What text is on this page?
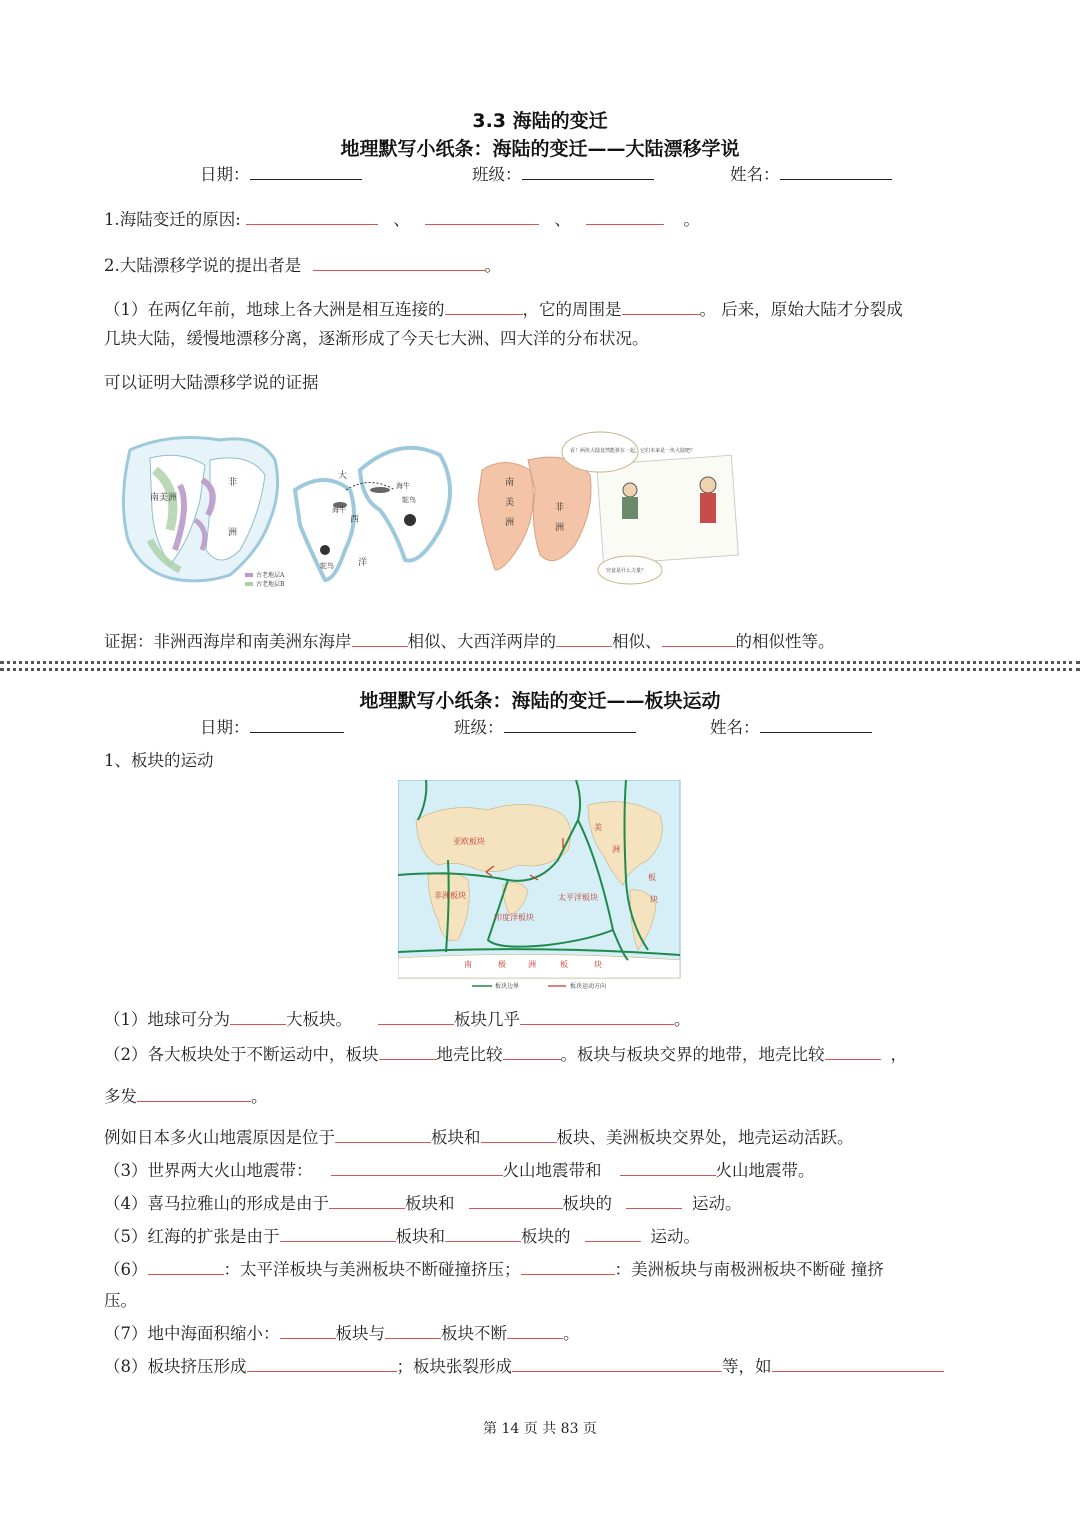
3.3 海陆的变迁
地理默写小纸条：海陆的变迁——大陆漂移学说
日期：	班级：	姓名：
1.海陆变迁的原因:	、	、	。
2.大陆漂移学说的提出者是	。
（1）在两亿年前，地球上各大洲是相互连接的	，它的周围是	。 后来，原始大陆才分裂成
几块大陆，缓慢地漂移分离，逐渐形成了今天七大洲、四大洋的分布状况。
可以证明大陆漂移学说的证据
南美洲
非
洲
古老地层A
古老地层B
大
西
洋
海牛
海牛
鸵鸟
鸵鸟
南
美
洲
非
洲
看！两块大陆竟然能拼在一起，它们本来是一块大陆吧？
究竟是什么力量？
证据：非洲西海岸和南美洲东海岸	相似、大西洋两岸的	相似、	的相似性等。
地理默写小纸条：海陆的变迁——板块运动
日期：	班级：	姓名：
1、板块的运动
亚欧板块
非洲板块
印度洋板块
太平洋板块
美
洲
板
块
南	极	洲	板	块
板块边界	板块运动方向
（1）地球可分为	大板块。	板块几乎	。
（2）各大板块处于不断运动中，板块	地壳比较	。板块与板块交界的地带，地壳比较	，
多发	。
例如日本多火山地震原因是位于	板块和	板块、美洲板块交界处，地壳运动活跃。
（3）世界两大火山地震带：	火山地震带和	火山地震带。
（4）喜马拉雅山的形成是由于	板块和	板块的	运动。
（5）红海的扩张是由于	板块和	板块的	运动。
（6）	：太平洋板块与美洲板块不断碰撞挤压；	：美洲板块与南极洲板块不断碰 撞挤
压。
（7）地中海面积缩小：	板块与	板块不断	。
（8）板块挤压形成	；板块张裂形成	等，如
第 14 页 共 83 页
